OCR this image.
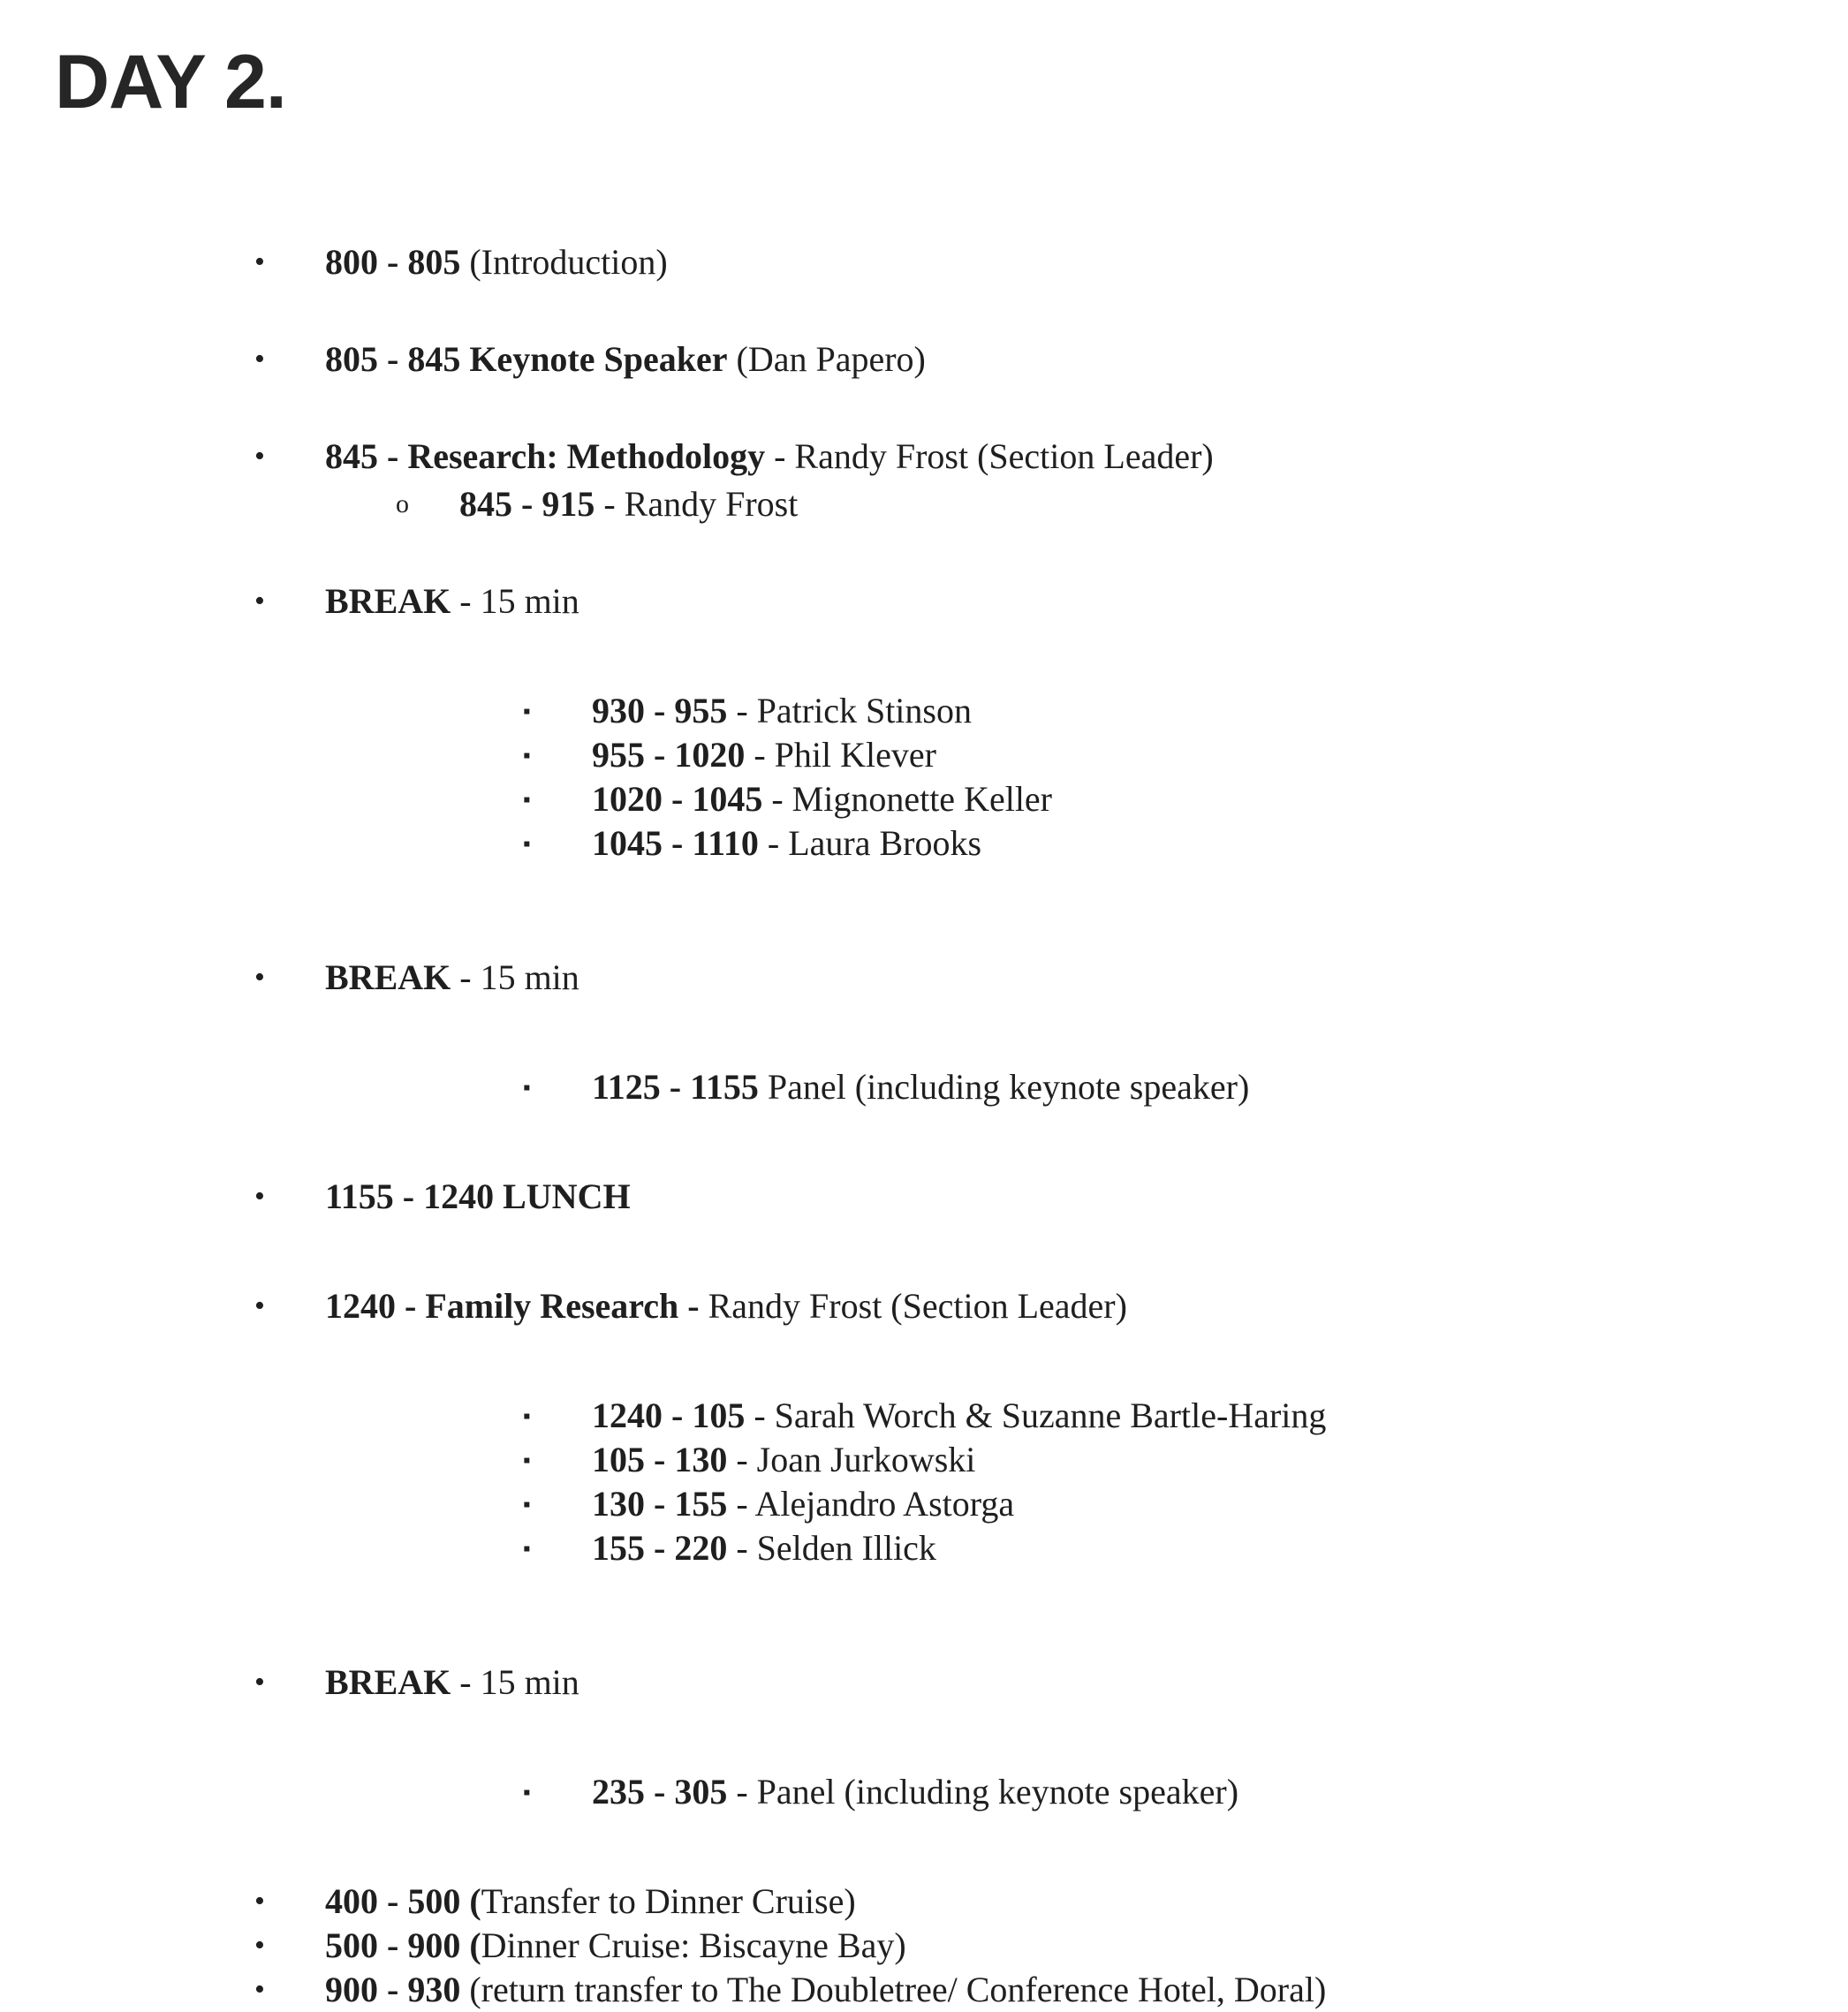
DAY 2.
• 800 - 805 (Introduction)
• 805 - 845 Keynote Speaker (Dan Papero)
• 845 - Research: Methodology - Randy Frost (Section Leader)
o 845 - 915 - Randy Frost
• BREAK - 15 min
▪ 930 - 955 - Patrick Stinson
▪ 955 - 1020 - Phil Klever
▪ 1020 - 1045 - Mignonette Keller
▪ 1045 - 1110 - Laura Brooks
• BREAK - 15 min
▪ 1125 - 1155 Panel (including keynote speaker)
• 1155 - 1240 LUNCH
• 1240 - Family Research - Randy Frost (Section Leader)
▪ 1240 - 105 - Sarah Worch & Suzanne Bartle-Haring
▪ 105 - 130 - Joan Jurkowski
▪ 130 - 155 - Alejandro Astorga
▪ 155 - 220 - Selden Illick
• BREAK - 15 min
▪ 235 - 305 - Panel (including keynote speaker)
• 400 - 500 (Transfer to Dinner Cruise)
• 500 - 900 (Dinner Cruise: Biscayne Bay)
• 900 - 930 (return transfer to The Doubletree/ Conference Hotel, Doral)
